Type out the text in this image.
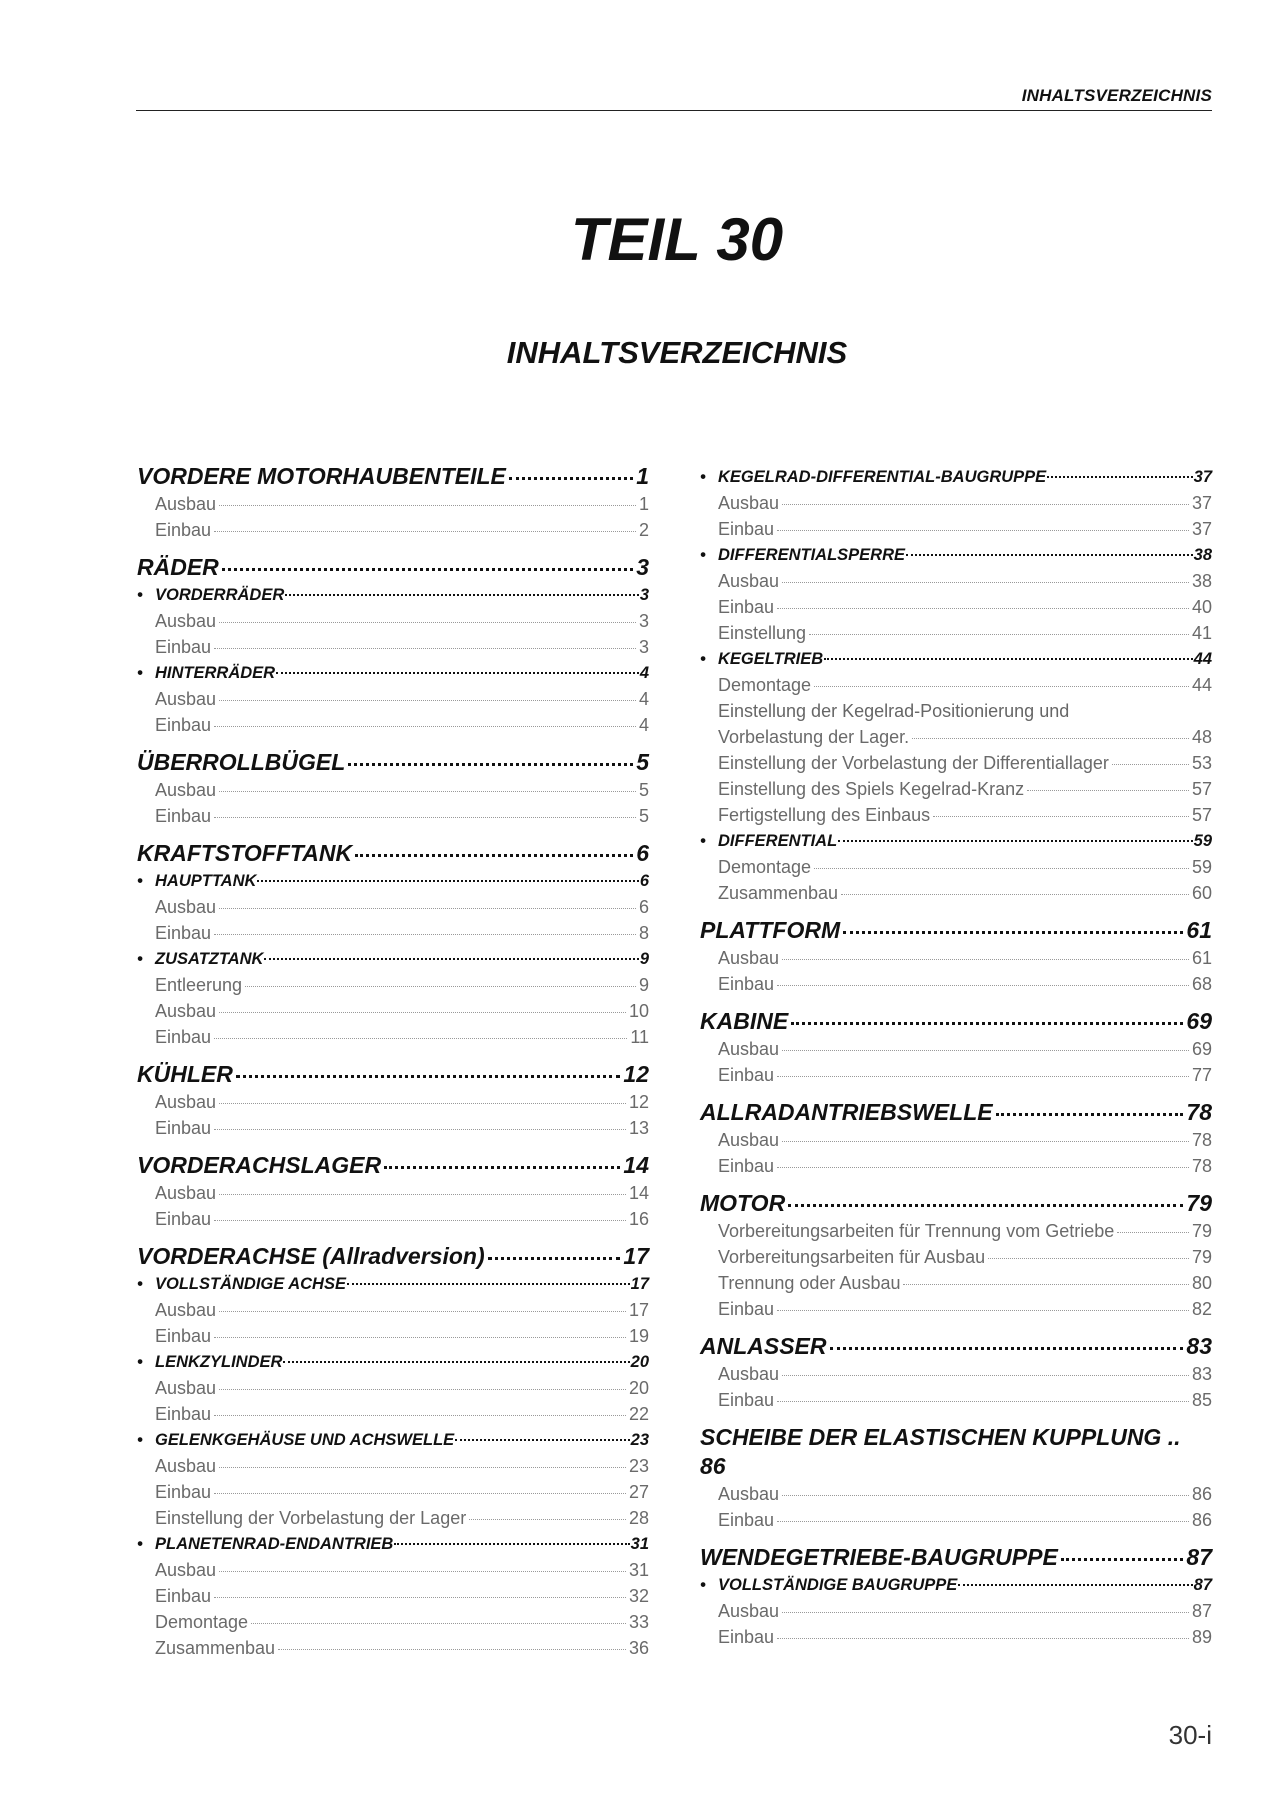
INHALTSVERZEICHNIS
TEIL 30
INHALTSVERZEICHNIS
VORDERE MOTORHAUBENTEILE	1
Ausbau	1
Einbau	2
RÄDER	3
• VORDERRÄDER	3
Ausbau	3
Einbau	3
• HINTERRÄDER	4
Ausbau	4
Einbau	4
ÜBERROLLBÜGEL	5
Ausbau	5
Einbau	5
KRAFTSTOFFTANK	6
• HAUPTTANK	6
Ausbau	6
Einbau	8
• ZUSATZTANK	9
Entleerung	9
Ausbau	10
Einbau	11
KÜHLER	12
Ausbau	12
Einbau	13
VORDERACHSLAGER	14
Ausbau	14
Einbau	16
VORDERACHSE (Allradversion)	17
• VOLLSTÄNDIGE ACHSE	17
Ausbau	17
Einbau	19
• LENKZYLINDER	20
Ausbau	20
Einbau	22
• GELENKGEHÄUSE UND ACHSWELLE	23
Ausbau	23
Einbau	27
Einstellung der Vorbelastung der Lager	28
• PLANETENRAD-ENDANTRIEB	31
Ausbau	31
Einbau	32
Demontage	33
Zusammenbau	36
• KEGELRAD-DIFFERENTIAL-BAUGRUPPE	37
Ausbau	37
Einbau	37
• DIFFERENTIALSPERRE	38
Ausbau	38
Einbau	40
Einstellung	41
• KEGELTRIEB	44
Demontage	44
Einstellung der Kegelrad-Positionierung und
Vorbelastung der Lager.	48
Einstellung der Vorbelastung der Differentiallager	53
Einstellung des Spiels Kegelrad-Kranz	57
Fertigstellung des Einbaus	57
• DIFFERENTIAL	59
Demontage	59
Zusammenbau	60
PLATTFORM	61
Ausbau	61
Einbau	68
KABINE	69
Ausbau	69
Einbau	77
ALLRADANTRIEBSWELLE	78
Ausbau	78
Einbau	78
MOTOR	79
Vorbereitungsarbeiten für Trennung vom Getriebe	79
Vorbereitungsarbeiten für Ausbau	79
Trennung oder Ausbau	80
Einbau	82
ANLASSER	83
Ausbau	83
Einbau	85
SCHEIBE DER ELASTISCHEN KUPPLUNG ..
86
Ausbau	86
Einbau	86
WENDEGETRIEBE-BAUGRUPPE	87
• VOLLSTÄNDIGE BAUGRUPPE	87
Ausbau	87
Einbau	89
30-i
